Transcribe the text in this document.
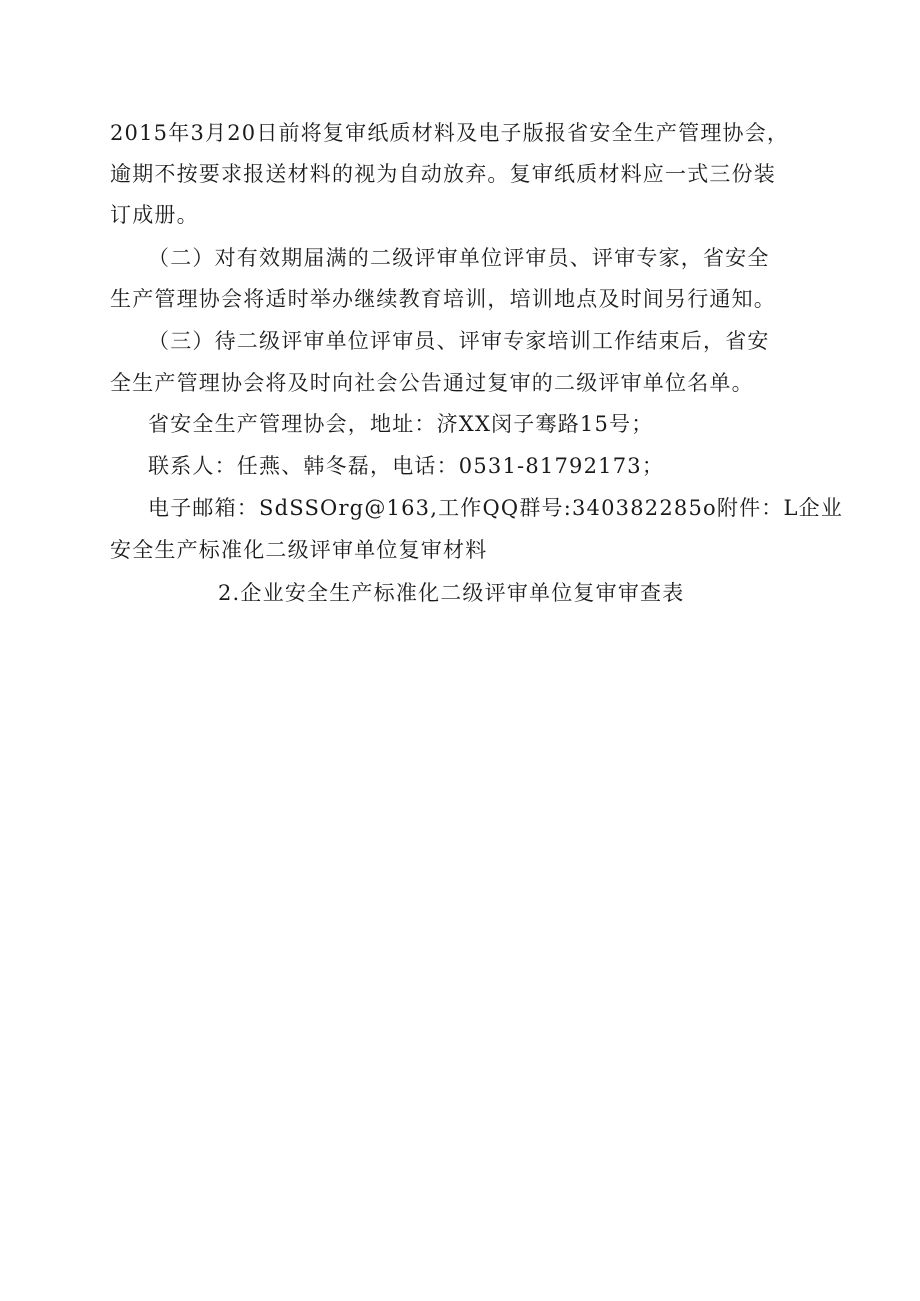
2015年3月20日前将复审纸质材料及电子版报省安全生产管理协会，
逾期不按要求报送材料的视为自动放弃。复审纸质材料应一式三份装
订成册。
（二）对有效期届满的二级评审单位评审员、评审专家，省安全
生产管理协会将适时举办继续教育培训，培训地点及时间另行通知。
（三）待二级评审单位评审员、评审专家培训工作结束后，省安
全生产管理协会将及时向社会公告通过复审的二级评审单位名单。
省安全生产管理协会，地址：济XX闵子骞路15号；
联系人：任燕、韩冬磊，电话：0531-81792173；
电子邮箱：SdSSOrg@163,工作QQ群号:340382285o附件：L企业
安全生产标准化二级评审单位复审材料
2.企业安全生产标准化二级评审单位复审审查表
